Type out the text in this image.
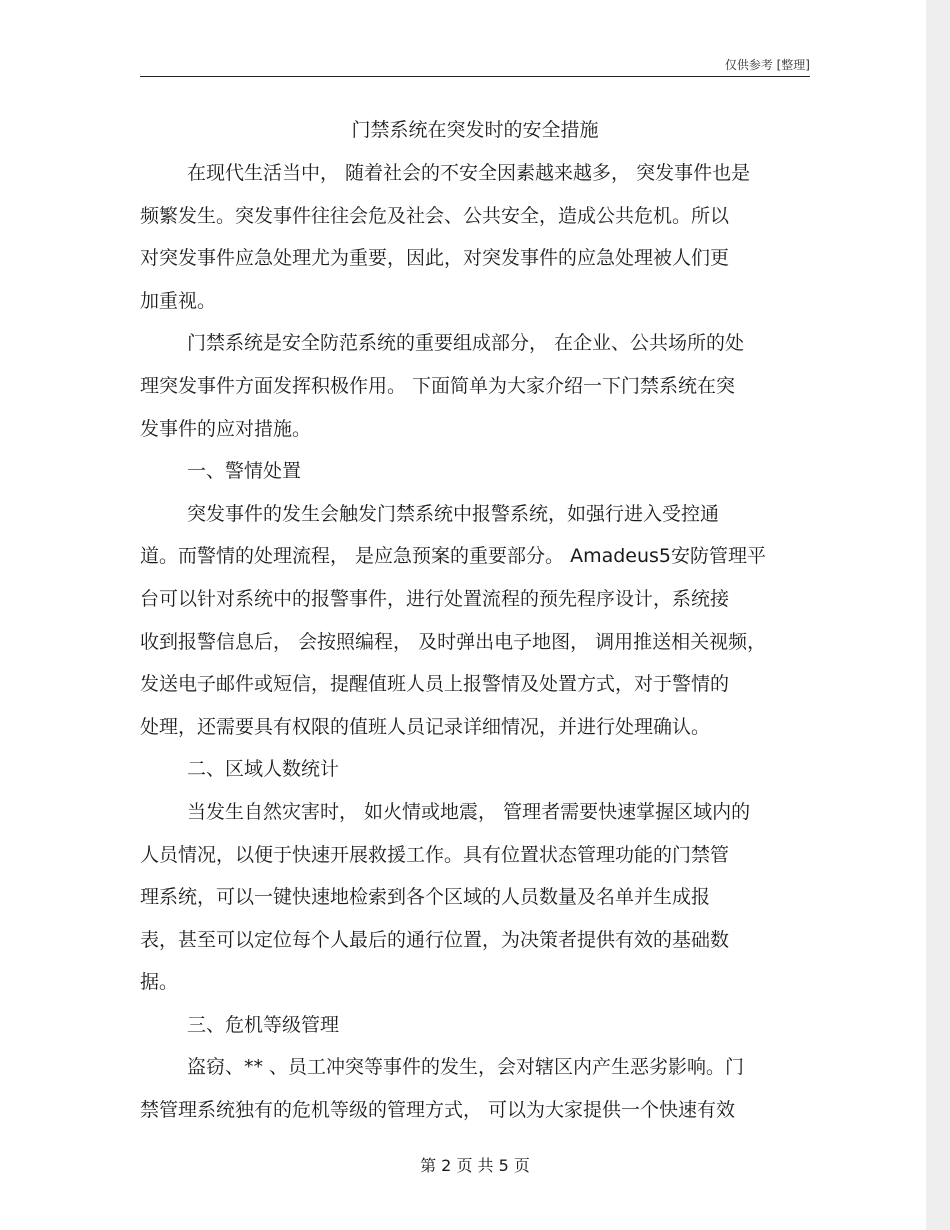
仅供参考 [整理]
门禁系统在突发时的安全措施
在现代生活当中， 随着社会的不安全因素越来越多， 突发事件也是
频繁发生。突发事件往往会危及社会、公共安全，造成公共危机。所以
对突发事件应急处理尤为重要，因此，对突发事件的应急处理被人们更
加重视。
门禁系统是安全防范系统的重要组成部分， 在企业、公共场所的处
理突发事件方面发挥积极作用。 下面简单为大家介绍一下门禁系统在突
发事件的应对措施。
一、警情处置
突发事件的发生会触发门禁系统中报警系统，如强行进入受控通
道。而警情的处理流程， 是应急预案的重要部分。 Amadeus5安防管理平
台可以针对系统中的报警事件，进行处置流程的预先程序设计，系统接
收到报警信息后， 会按照编程， 及时弹出电子地图， 调用推送相关视频，
发送电子邮件或短信，提醒值班人员上报警情及处置方式，对于警情的
处理，还需要具有权限的值班人员记录详细情况，并进行处理确认。
二、区域人数统计
当发生自然灾害时， 如火情或地震， 管理者需要快速掌握区域内的
人员情况，以便于快速开展救援工作。具有位置状态管理功能的门禁管
理系统，可以一键快速地检索到各个区域的人员数量及名单并生成报
表，甚至可以定位每个人最后的通行位置，为决策者提供有效的基础数
据。
三、危机等级管理
盗窃、** 、员工冲突等事件的发生，会对辖区内产生恶劣影响。门
禁管理系统独有的危机等级的管理方式， 可以为大家提供一个快速有效
第 2 页 共 5 页
